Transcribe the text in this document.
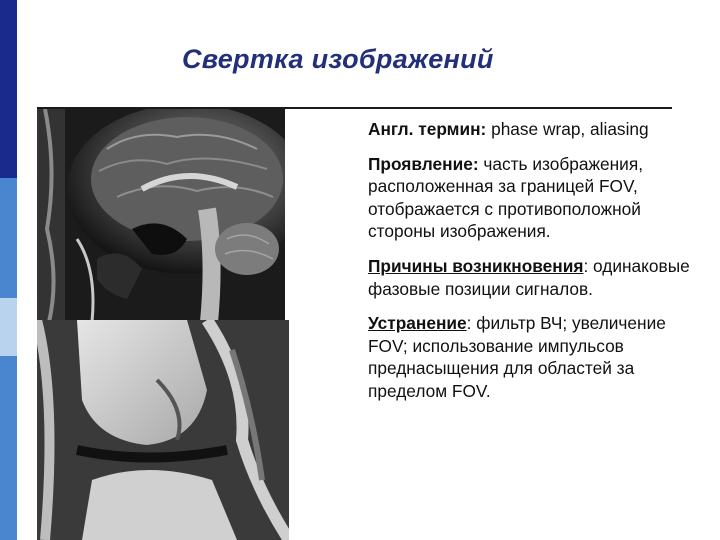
Свертка изображений
Англ. термин: phase wrap, aliasing
Проявление: часть изображения, расположенная за границей FOV, отображается с противоположной стороны изображения.
Причины возникновения: одинаковые фазовые позиции сигналов.
Устранение: фильтр ВЧ; увеличение FOV; использование импульсов преднасыщения для областей за пределом FOV.
